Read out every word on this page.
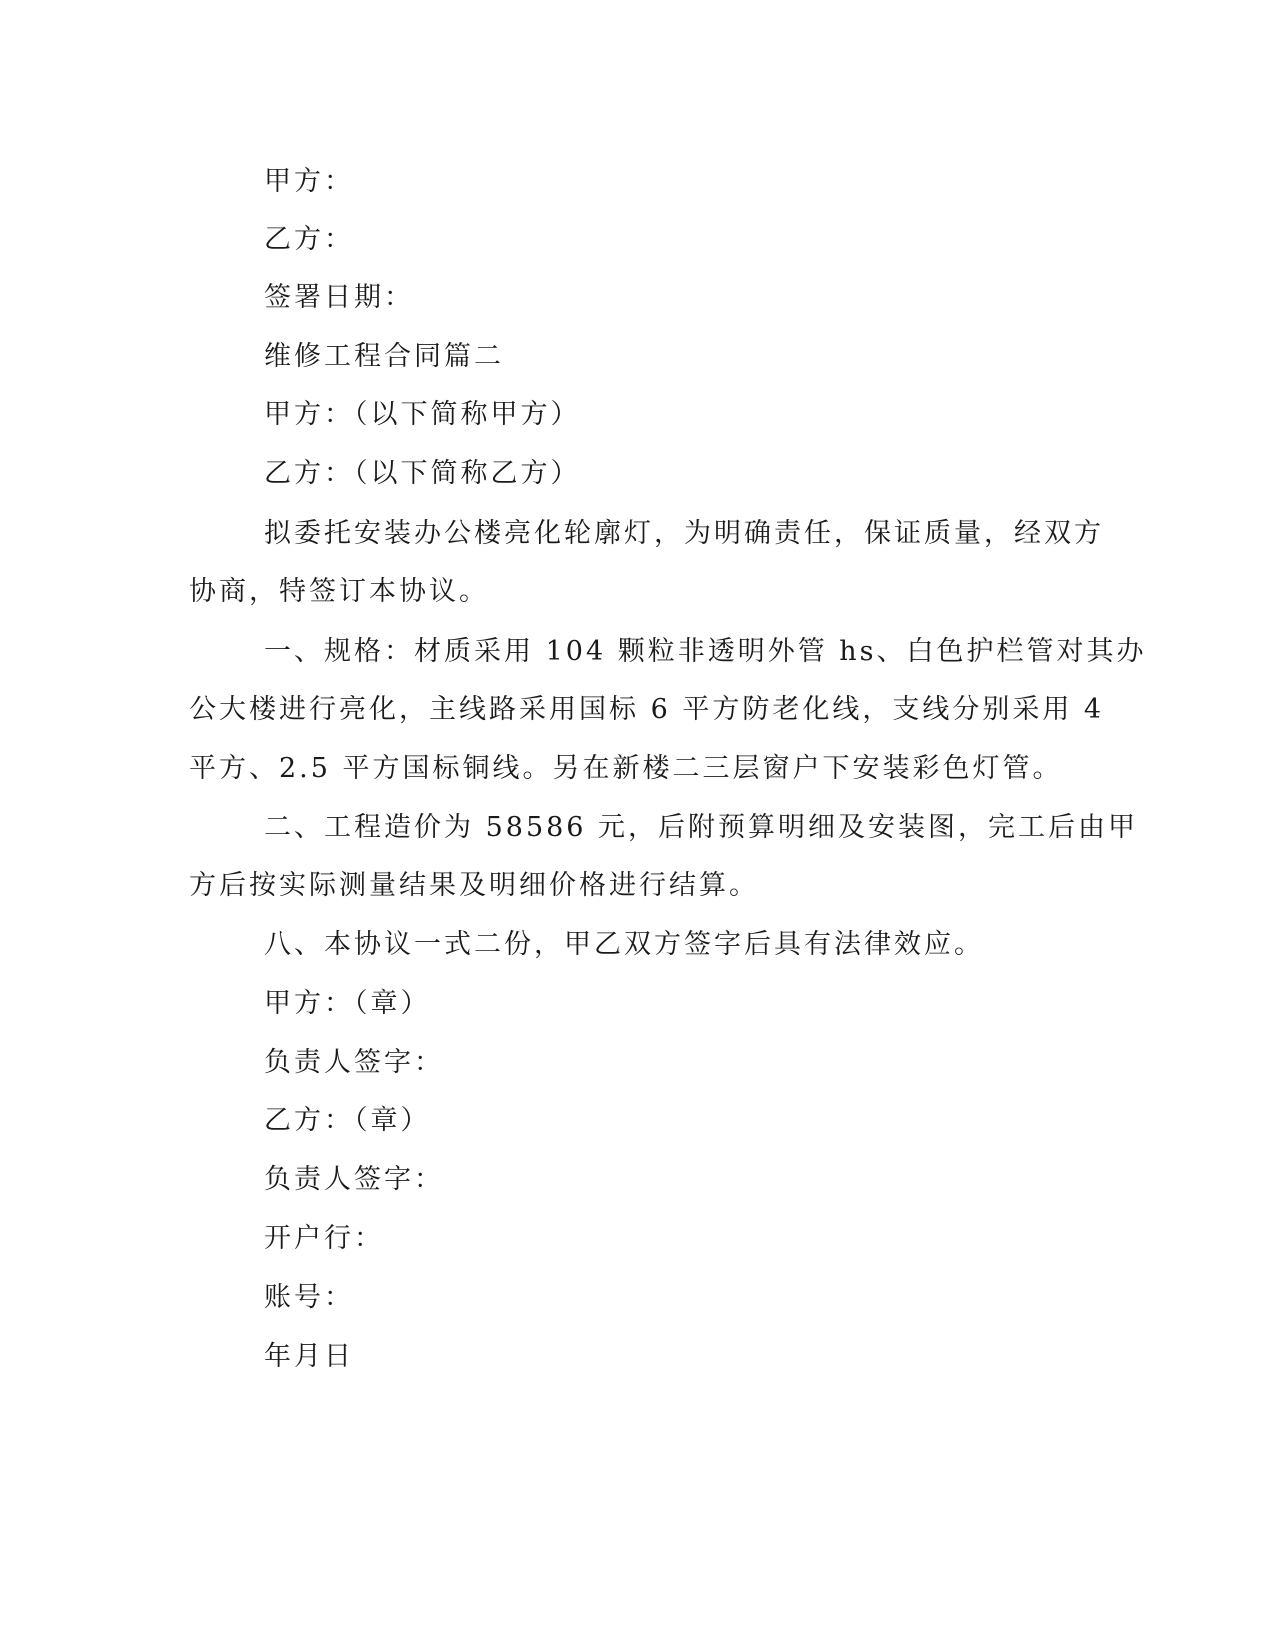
甲方：
乙方：
签署日期：
维修工程合同篇二
甲方：（以下简称甲方）
乙方：（以下简称乙方）
拟委托安装办公楼亮化轮廓灯，为明确责任，保证质量，经双方
协商，特签订本协议。
一、规格：材质采用 104 颗粒非透明外管 hs、白色护栏管对其办
公大楼进行亮化，主线路采用国标 6 平方防老化线，支线分别采用 4
平方、2.5 平方国标铜线。另在新楼二三层窗户下安装彩色灯管。
二、工程造价为 58586 元，后附预算明细及安装图，完工后由甲
方后按实际测量结果及明细价格进行结算。
八、本协议一式二份，甲乙双方签字后具有法律效应。
甲方：（章）
负责人签字：
乙方：（章）
负责人签字：
开户行：
账号：
年月日
